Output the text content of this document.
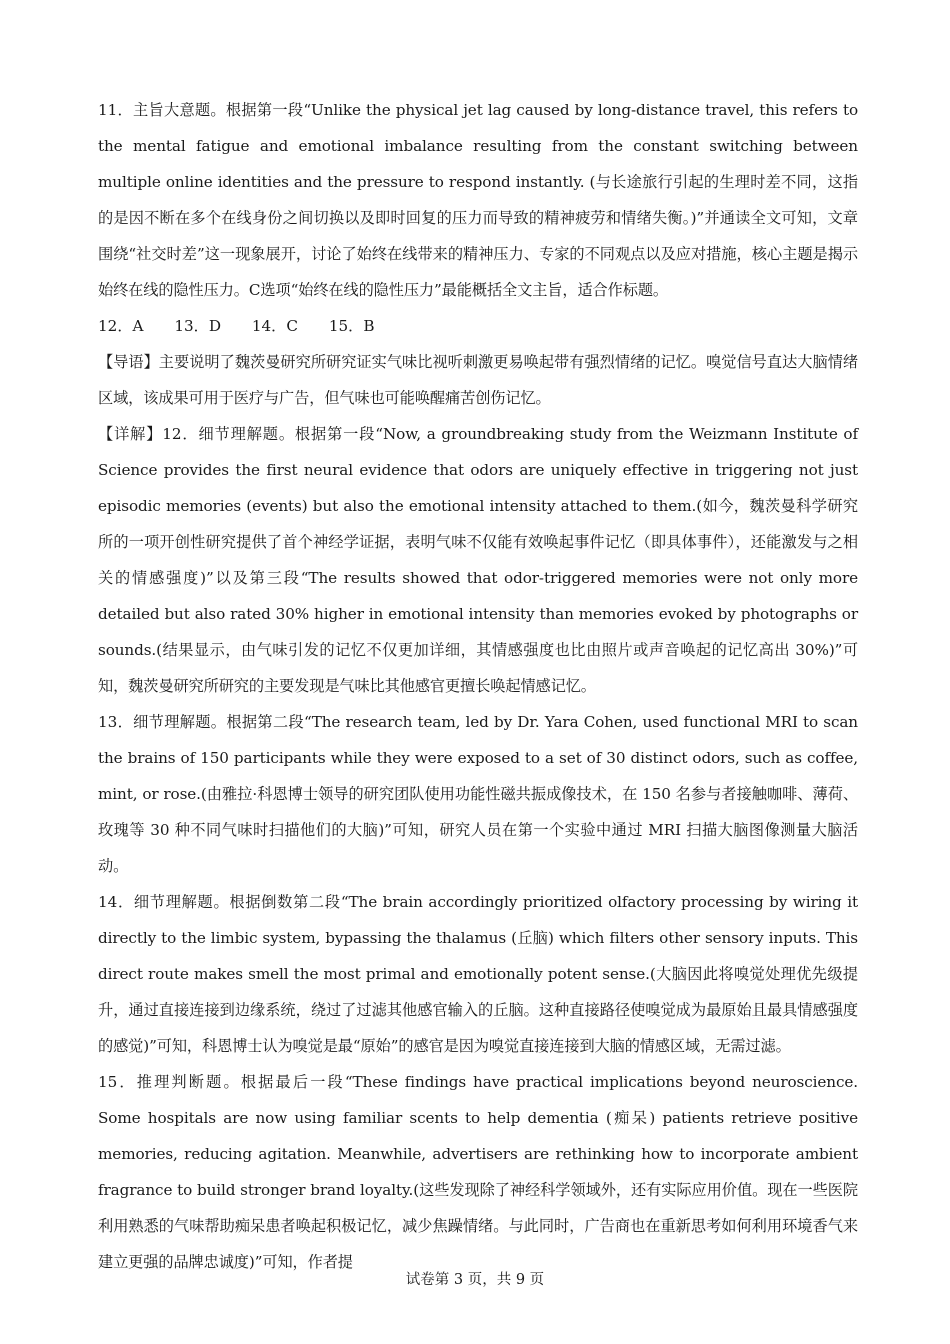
11．主旨大意题。根据第一段“Unlike the physical jet lag caused by long-distance travel, this refers to the mental fatigue and emotional imbalance resulting from the constant switching between multiple online identities and the pressure to respond instantly. (与长途旅行引起的生理时差不同，这指的是因不断在多个在线身份之间切换以及即时回复的压力而导致的精神疲劳和情绪失衡。)”并通读全文可知，文章围绕“社交时差”这一现象展开，讨论了始终在线带来的精神压力、专家的不同观点以及应对措施，核心主题是揭示始终在线的隐性压力。C选项“始终在线的隐性压力”最能概括全文主旨，适合作标题。

12．A 13．D 14．C 15．B

【导语】主要说明了魏茨曼研究所研究证实气味比视听刺激更易唤起带有强烈情绪的记忆。嗅觉信号直达大脑情绪区域，该成果可用于医疗与广告，但气味也可能唤醒痛苦创伤记忆。

【详解】12．细节理解题。根据第一段“Now, a groundbreaking study from the Weizmann Institute of Science provides the first neural evidence that odors are uniquely effective in triggering not just episodic memories (events) but also the emotional intensity attached to them.(如今，魏茨曼科学研究所的一项开创性研究提供了首个神经学证据，表明气味不仅能有效唤起事件记忆（即具体事件），还能激发与之相关的情感强度)”以及第三段“The results showed that odor-triggered memories were not only more detailed but also rated 30% higher in emotional intensity than memories evoked by photographs or sounds.(结果显示，由气味引发的记忆不仅更加详细，其情感强度也比由照片或声音唤起的记忆高出 30%)”可知，魏茨曼研究所研究的主要发现是气味比其他感官更擅长唤起情感记忆。

13．细节理解题。根据第二段“The research team, led by Dr. Yara Cohen, used functional MRI to scan the brains of 150 participants while they were exposed to a set of 30 distinct odors, such as coffee, mint, or rose.(由雅拉·科恩博士领导的研究团队使用功能性磁共振成像技术，在 150 名参与者接触咖啡、薄荷、玫瑰等 30 种不同气味时扫描他们的大脑)”可知，研究人员在第一个实验中通过 MRI 扫描大脑图像测量大脑活动。

14．细节理解题。根据倒数第二段“The brain accordingly prioritized olfactory processing by wiring it directly to the limbic system, bypassing the thalamus (丘脑) which filters other sensory inputs. This direct route makes smell the most primal and emotionally potent sense.(大脑因此将嗅觉处理优先级提升，通过直接连接到边缘系统，绕过了过滤其他感官输入的丘脑。这种直接路径使嗅觉成为最原始且最具情感强度的感觉)”可知，科恩博士认为嗅觉是最“原始”的感官是因为嗅觉直接连接到大脑的情感区域，无需过滤。

15．推理判断题。根据最后一段“These findings have practical implications beyond neuroscience. Some hospitals are now using familiar scents to help dementia (痴呆) patients retrieve positive memories, reducing agitation. Meanwhile, advertisers are rethinking how to incorporate ambient fragrance to build stronger brand loyalty.(这些发现除了神经科学领域外，还有实际应用价值。现在一些医院利用熟悉的气味帮助痴呆患者唤起积极记忆，减少焦躁情绪。与此同时，广告商也在重新思考如何利用环境香气来建立更强的品牌忠诚度)”可知，作者提

试卷第 3 页，共 9 页
